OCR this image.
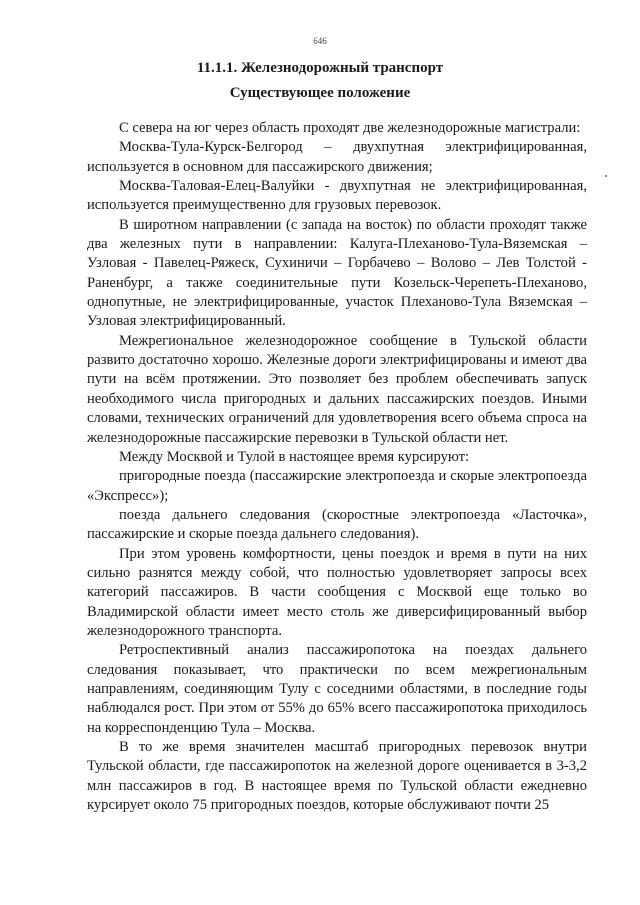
646
11.1.1. Железнодорожный транспорт
Существующее положение

С севера на юг через область проходят две железнодорожные магистрали:

Москва-Тула-Курск-Белгород – двухпутная электрифицированная, используется в основном для пассажирского движения;

Москва-Таловая-Елец-Валуйки - двухпутная не электрифицированная, используется преимущественно для грузовых перевозок.

В широтном направлении (с запада на восток) по области проходят также два железных пути в направлении: Калуга-Плеханово-Тула-Вяземская – Узловая - Павелец-Ряжеск, Сухиничи – Горбачево – Волово – Лев Толстой - Раненбург, а также соединительные пути Козельск-Черепеть-Плеханово, однопутные, не электрифицированные, участок Плеханово-Тула Вяземская – Узловая электрифицированный.

Межрегиональное железнодорожное сообщение в Тульской области развито достаточно хорошо. Железные дороги электрифицированы и имеют два пути на всём протяжении. Это позволяет без проблем обеспечивать запуск необходимого числа пригородных и дальних пассажирских поездов. Иными словами, технических ограничений для удовлетворения всего объема спроса на железнодорожные пассажирские перевозки в Тульской области нет.

Между Москвой и Тулой в настоящее время курсируют:

пригородные поезда (пассажирские электропоезда и скорые электропоезда «Экспресс»);

поезда дальнего следования (скоростные электропоезда «Ласточка», пассажирские и скорые поезда дальнего следования).

При этом уровень комфортности, цены поездок и время в пути на них сильно разнятся между собой, что полностью удовлетворяет запросы всех категорий пассажиров. В части сообщения с Москвой еще только во Владимирской области имеет место столь же диверсифицированный выбор железнодорожного транспорта.

Ретроспективный анализ пассажиропотока на поездах дальнего следования показывает, что практически по всем межрегиональным направлениям, соединяющим Тулу с соседними областями, в последние годы наблюдался рост. При этом от 55% до 65% всего пассажиропотока приходилось на корреспонденцию Тула – Москва.

В то же время значителен масштаб пригородных перевозок внутри Тульской области, где пассажиропоток на железной дороге оценивается в 3-3,2 млн пассажиров в год. В настоящее время по Тульской области ежедневно курсирует около 75 пригородных поездов, которые обслуживают почти 25
